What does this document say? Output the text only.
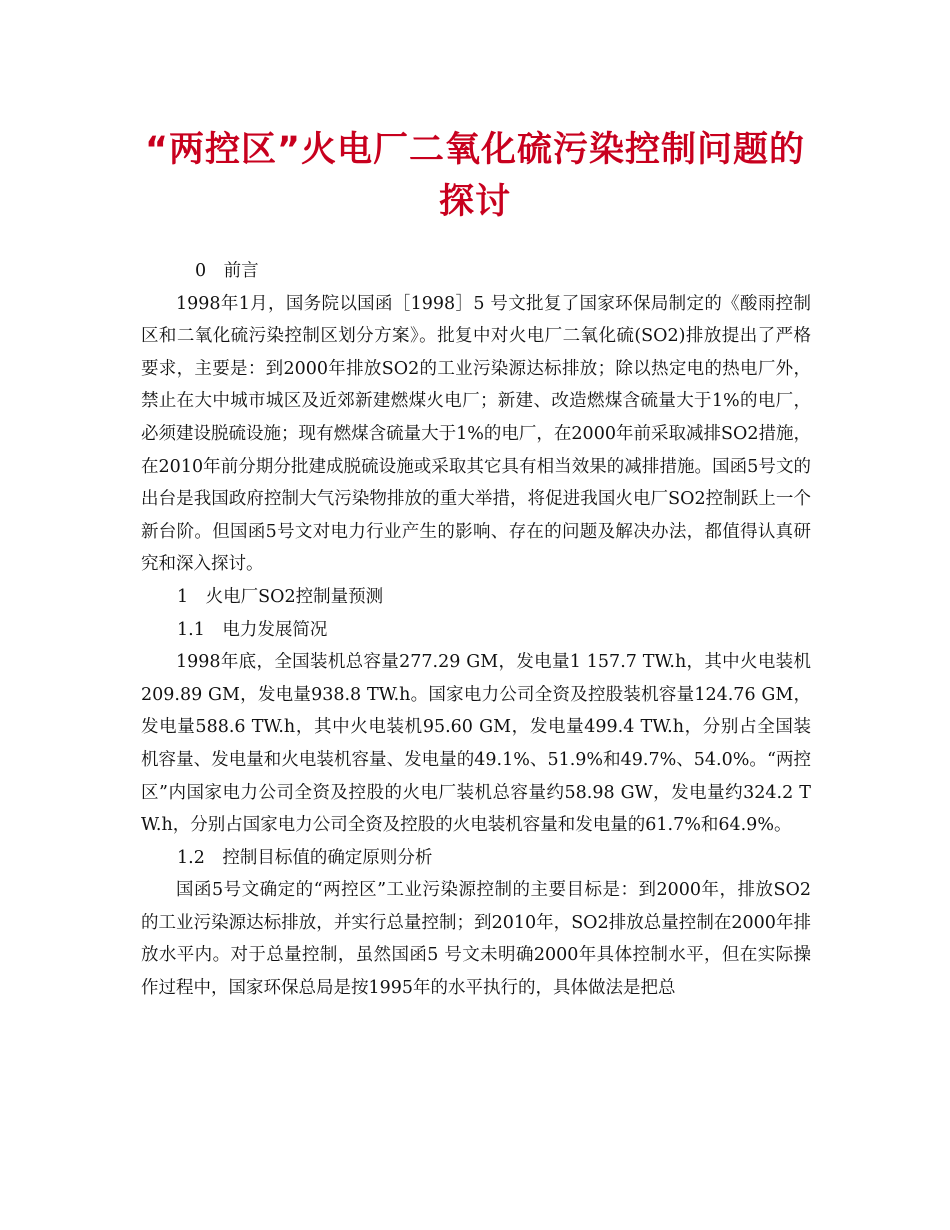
“两控区”火电厂二氧化硫污染控制问题的
探讨

0　前言

1998年1月，国务院以国函［1998］5 号文批复了国家环保局制定的《酸雨控制区和二氧化硫污染控制区划分方案》。批复中对火电厂二氧化硫(SO2)排放提出了严格要求，主要是：到2000年排放SO2的工业污染源达标排放；除以热定电的热电厂外，禁止在大中城市城区及近郊新建燃煤火电厂；新建、改造燃煤含硫量大于1%的电厂，必须建设脱硫设施；现有燃煤含硫量大于1%的电厂，在2000年前采取减排SO2措施，在2010年前分期分批建成脱硫设施或采取其它具有相当效果的减排措施。国函5号文的出台是我国政府控制大气污染物排放的重大举措，将促进我国火电厂SO2控制跃上一个新台阶。但国函5号文对电力行业产生的影响、存在的问题及解决办法，都值得认真研究和深入探讨。

1　火电厂SO2控制量预测

1.1　电力发展简况

1998年底，全国装机总容量277.29 GM，发电量1 157.7 TW.h，其中火电装机209.89 GM，发电量938.8 TW.h。国家电力公司全资及控股装机容量124.76 GM，发电量588.6 TW.h，其中火电装机95.60 GM，发电量499.4 TW.h，分别占全国装机容量、发电量和火电装机容量、发电量的49.1%、51.9%和49.7%、54.0%。“两控区”内国家电力公司全资及控股的火电厂装机总容量约58.98 GW，发电量约324.2 TW.h，分别占国家电力公司全资及控股的火电装机容量和发电量的61.7%和64.9%。

1.2　控制目标值的确定原则分析

国函5号文确定的“两控区”工业污染源控制的主要目标是：到2000年，排放SO2的工业污染源达标排放，并实行总量控制；到2010年，SO2排放总量控制在2000年排放水平内。对于总量控制，虽然国函5 号文未明确2000年具体控制水平，但在实际操作过程中，国家环保总局是按1995年的水平执行的，具体做法是把总
